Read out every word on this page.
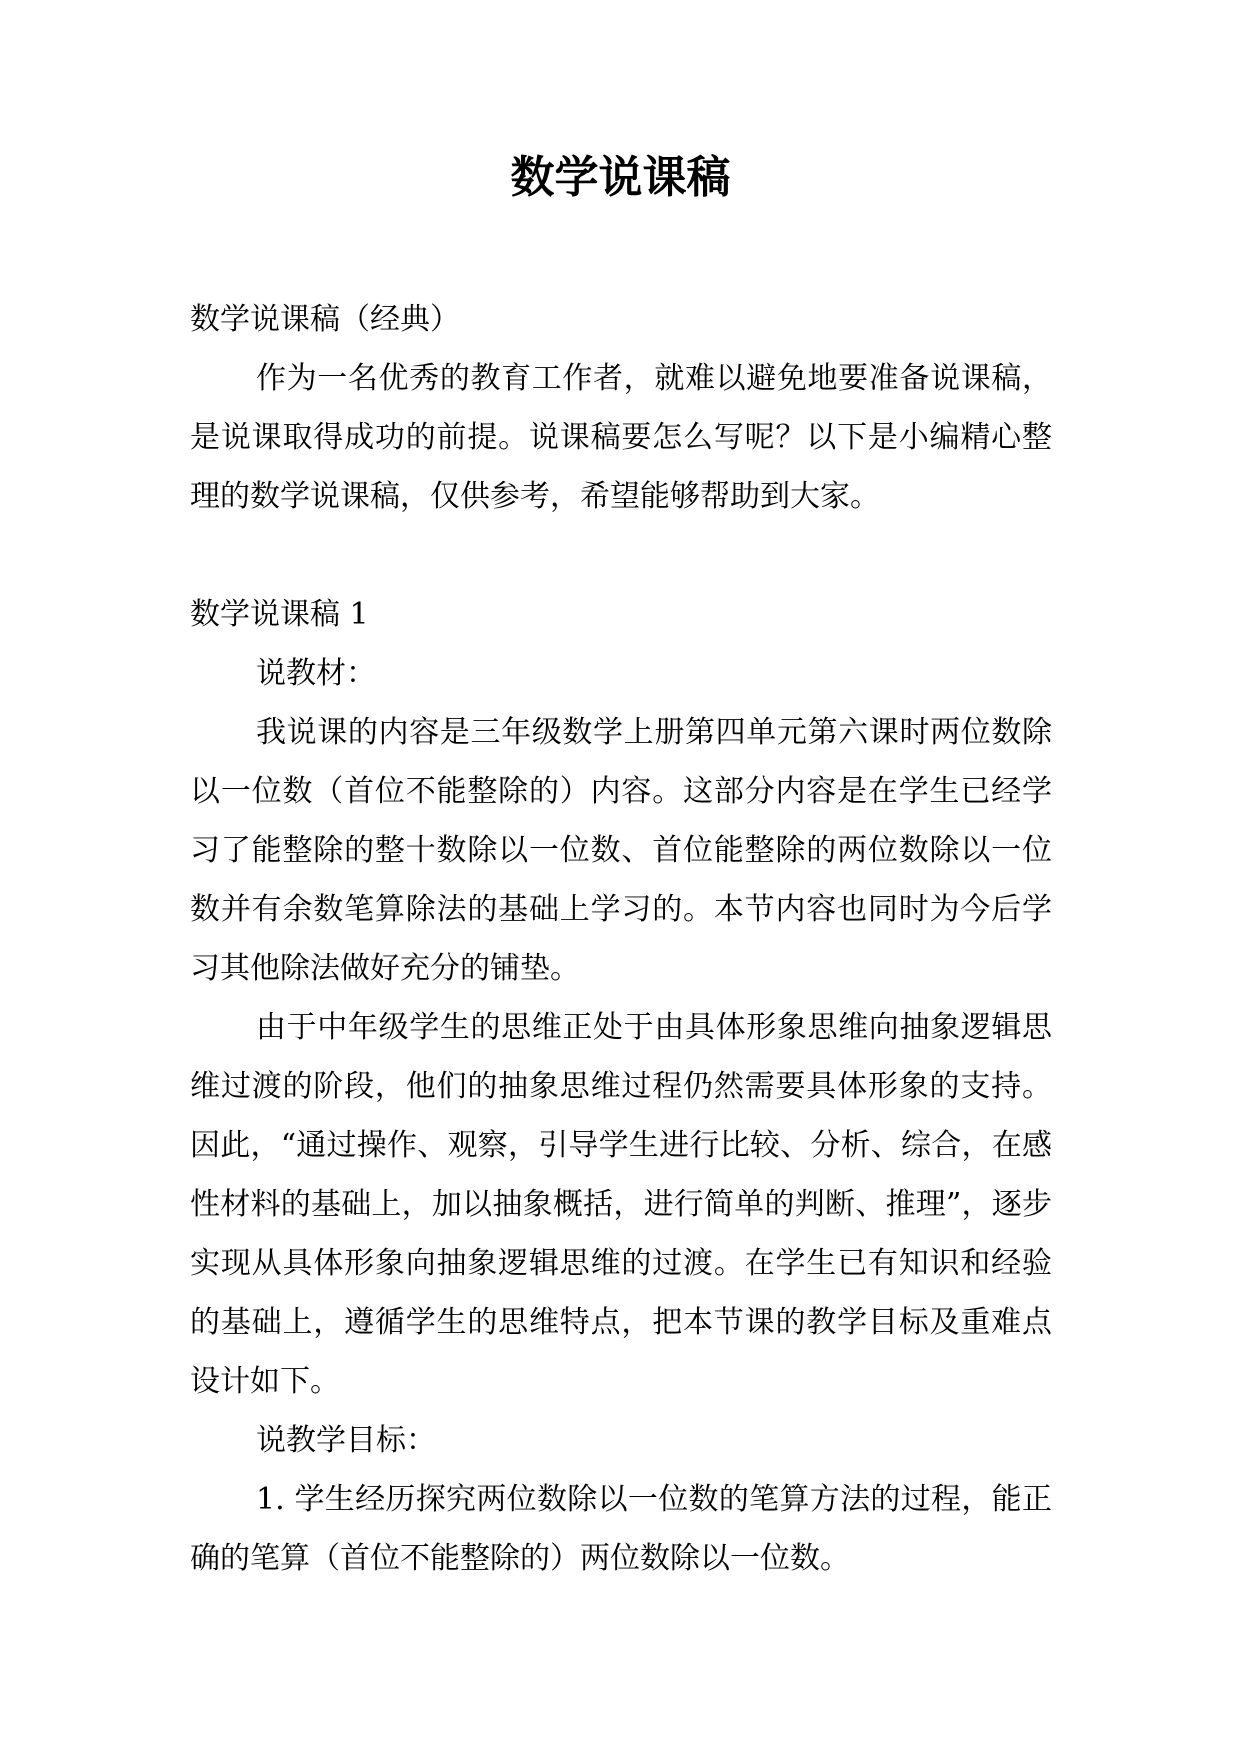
数学说课稿

数学说课稿（经典）

作为一名优秀的教育工作者，就难以避免地要准备说课稿，是说课取得成功的前提。说课稿要怎么写呢？以下是小编精心整理的数学说课稿，仅供参考，希望能够帮助到大家。

数学说课稿 1

说教材：

我说课的内容是三年级数学上册第四单元第六课时两位数除以一位数（首位不能整除的）内容。这部分内容是在学生已经学习了能整除的整十数除以一位数、首位能整除的两位数除以一位数并有余数笔算除法的基础上学习的。本节内容也同时为今后学习其他除法做好充分的铺垫。

由于中年级学生的思维正处于由具体形象思维向抽象逻辑思维过渡的阶段，他们的抽象思维过程仍然需要具体形象的支持。因此，“通过操作、观察，引导学生进行比较、分析、综合，在感性材料的基础上，加以抽象概括，进行简单的判断、推理”，逐步实现从具体形象向抽象逻辑思维的过渡。在学生已有知识和经验的基础上，遵循学生的思维特点，把本节课的教学目标及重难点设计如下。

说教学目标：

1. 学生经历探究两位数除以一位数的笔算方法的过程，能正确的笔算（首位不能整除的）两位数除以一位数。
